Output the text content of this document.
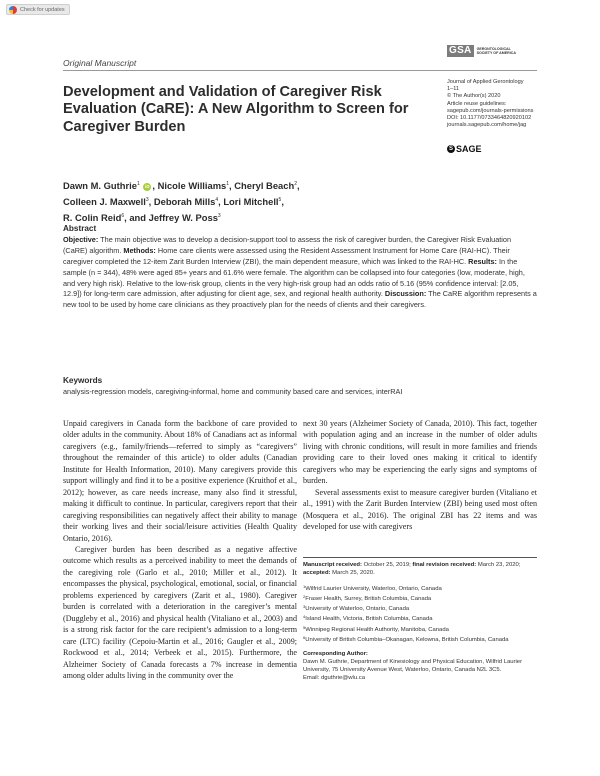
Check for updates
Original Manuscript
GSA	GERONTOLOGICAL SOCIETY OF AMERICA
Journal of Applied Gerontology
1–11
© The Author(s) 2020
Article reuse guidelines:
sagepub.com/journals-permissions
DOI: 10.1177/0733464820920102
journals.sagepub.com/home/jag
S SAGE
Development and Validation of Caregiver Risk Evaluation (CaRE): A New Algorithm to Screen for Caregiver Burden
Dawn M. Guthrie$^1$ iD , Nicole Williams$^1$, Cheryl Beach$^2$,
Colleen J. Maxwell$^3$, Deborah Mills$^4$, Lori Mitchell$^5$,
R. Colin Reid$^6$, and Jeffrey W. Poss$^3$
Abstract

Objective: The main objective was to develop a decision-support tool to assess the risk of caregiver burden, the Caregiver Risk Evaluation (CaRE) algorithm. Methods: Home care clients were assessed using the Resident Assessment Instrument for Home Care (RAI-HC). Their caregiver completed the 12-item Zarit Burden Interview (ZBI), the main dependent measure, which was linked to the RAI-HC. Results: In the sample (n = 344), 48% were aged 85+ years and 61.6% were female. The algorithm can be collapsed into four categories (low, moderate, high, and very high risk). Relative to the low-risk group, clients in the very high-risk group had an odds ratio of 5.16 (95% confidence interval: [2.05, 12.9]) for long-term care admission, after adjusting for client age, sex, and regional health authority. Discussion: The CaRE algorithm represents a new tool to be used by home care clinicians as they proactively plan for the needs of clients and their caregivers.

Keywords

analysis-regression models, caregiving-informal, home and community based care and services, interRAI

Unpaid caregivers in Canada form the backbone of care provided to older adults in the community. About 18% of Canadians act as informal caregivers (e.g., family/friends—referred to simply as “caregivers” throughout the remainder of this article) to older adults (Canadian Institute for Health Information, 2010). Many caregivers provide this support willingly and find it to be a positive experience (Kruithof et al., 2012); however, as care needs increase, many also find it stressful, making it difficult to continue. In particular, caregivers report that their caregiving responsibilities can negatively affect their ability to manage their working lives and their social/leisure activities (Health Quality Ontario, 2016).

Caregiver burden has been described as a negative affective outcome which results as a perceived inability to meet the demands of the caregiving role (Garlo et al., 2010; Miller et al., 2012). It encompasses the physical, psychological, emotional, social, or financial problems experienced by caregivers (Zarit et al., 1980). Caregiver burden is correlated with a deterioration in the caregiver’s mental (Duggleby et al., 2016) and physical health (Vitaliano et al., 2003) and is a strong risk factor for the care recipient’s admission to a long-term care (LTC) facility (Cepoiu-Martin et al., 2016; Gaugler et al., 2009; Rockwood et al., 2014; Verbeek et al., 2015). Furthermore, the Alzheimer Society of Canada forecasts a 7% increase in dementia among older adults living in the community over the

next 30 years (Alzheimer Society of Canada, 2010). This fact, together with population aging and an increase in the number of older adults living with chronic conditions, will result in more families and friends providing care to their loved ones making it critical to identify caregivers who may be experiencing the early signs and symptoms of burden.

Several assessments exist to measure caregiver burden (Vitaliano et al., 1991) with the Zarit Burden Interview (ZBI) being used most often (Mosquera et al., 2016). The original ZBI has 22 items and was developed for use with caregivers

Manuscript received: October 25, 2019; final revision received: March 23, 2020; accepted: March 25, 2020.

$^1$Wilfrid Laurier University, Waterloo, Ontario, Canada

$^2$Fraser Health, Surrey, British Columbia, Canada

$^3$University of Waterloo, Ontario, Canada

$^4$Island Health, Victoria, British Columbia, Canada

$^5$Winnipeg Regional Health Authority, Manitoba, Canada

$^6$University of British Columbia–Okanagan, Kelowna, British Columbia, Canada

Corresponding Author:

Dawn M. Guthrie, Department of Kinesiology and Physical Education, Wilfrid Laurier University, 75 University Avenue West, Waterloo, Ontario, Canada N2L 3C5.

Email: dguthrie@wlu.ca
